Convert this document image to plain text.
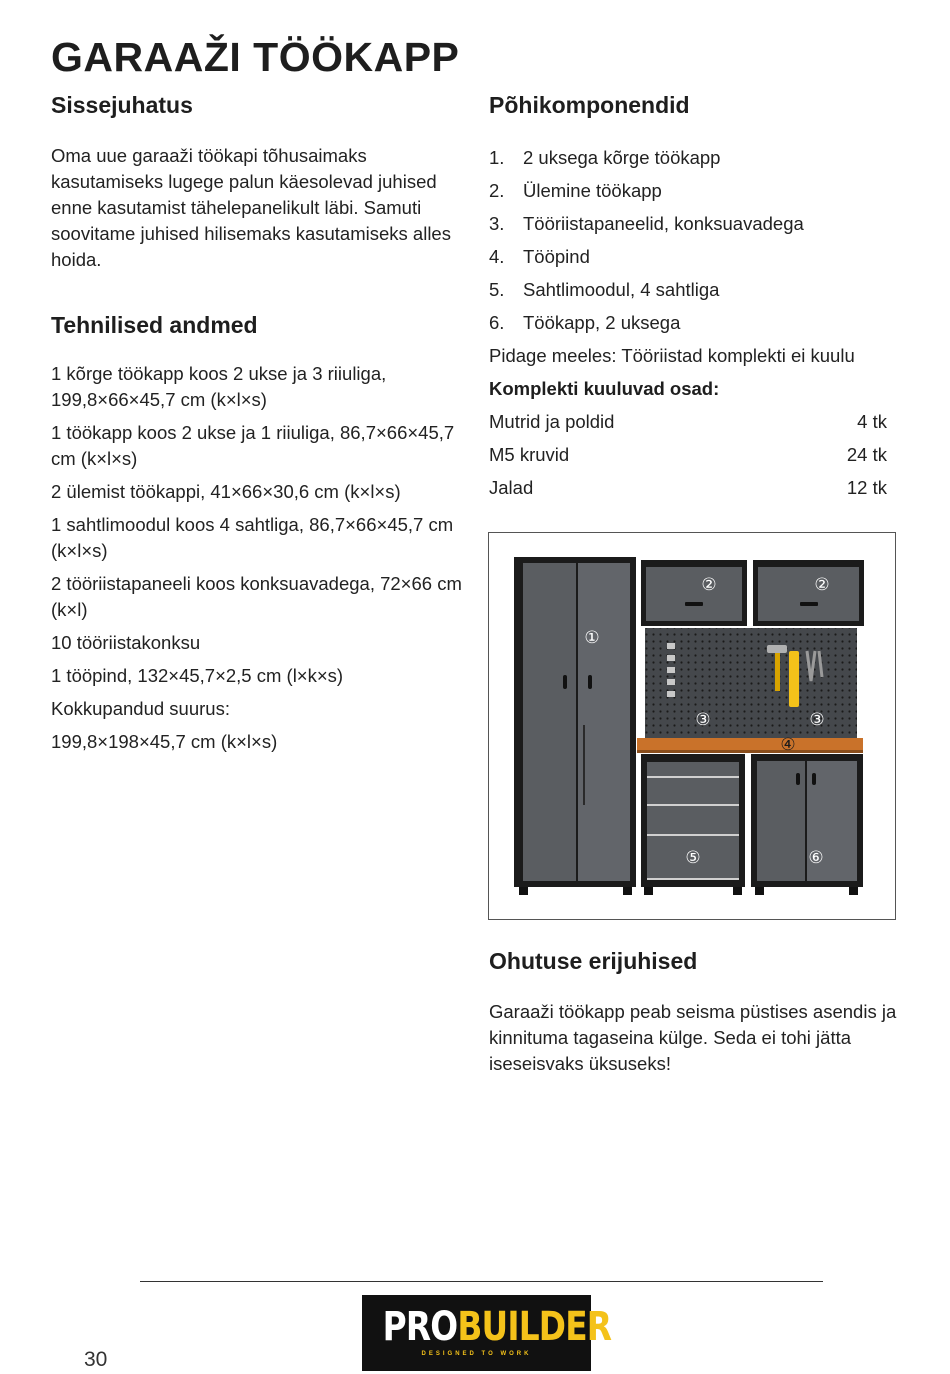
GARAAŽI TÖÖKAPP
Sissejuhatus
Oma uue garaaži töökapi tõhusaimaks kasutamiseks lugege palun käesolevad juhised enne kasutamist tähelepanelikult läbi. Samuti soovitame juhised hilisemaks kasutamiseks alles hoida.
Tehnilised andmed
1 kõrge töökapp koos 2 ukse ja 3 riiuliga, 199,8×66×45,7 cm (k×l×s)
1 töökapp koos 2 ukse ja 1 riiuliga, 86,7×66×45,7 cm (k×l×s)
2 ülemist töökappi, 41×66×30,6 cm (k×l×s)
1 sahtlimoodul koos 4 sahtliga, 86,7×66×45,7 cm (k×l×s)
2 tööriistapaneeli koos konksuavadega, 72×66 cm (k×l)
10 tööriistakonksu
1 tööpind, 132×45,7×2,5 cm (l×k×s)
Kokkupandud suurus:
199,8×198×45,7 cm (k×l×s)
Põhikomponendid
1.	2 uksega kõrge töökapp
2.	Ülemine töökapp
3.	Tööriistapaneelid, konksuavadega
4.	Tööpind
5.	Sahtlimoodul, 4 sahtliga
6.	Töökapp, 2 uksega
Pidage meeles: Tööriistad komplekti ei kuulu
Komplekti kuuluvad osad:
Mutrid ja poldid	4 tk
M5 kruvid	24 tk
Jalad	12 tk
①
②	②
③	③
④
⑤	⑥
Ohutuse erijuhised
Garaaži töökapp peab seisma püstises asendis ja kinnituma tagaseina külge. Seda ei tohi jätta iseseisvaks üksuseks!
PROBUILDER
DESIGNED TO WORK
30
